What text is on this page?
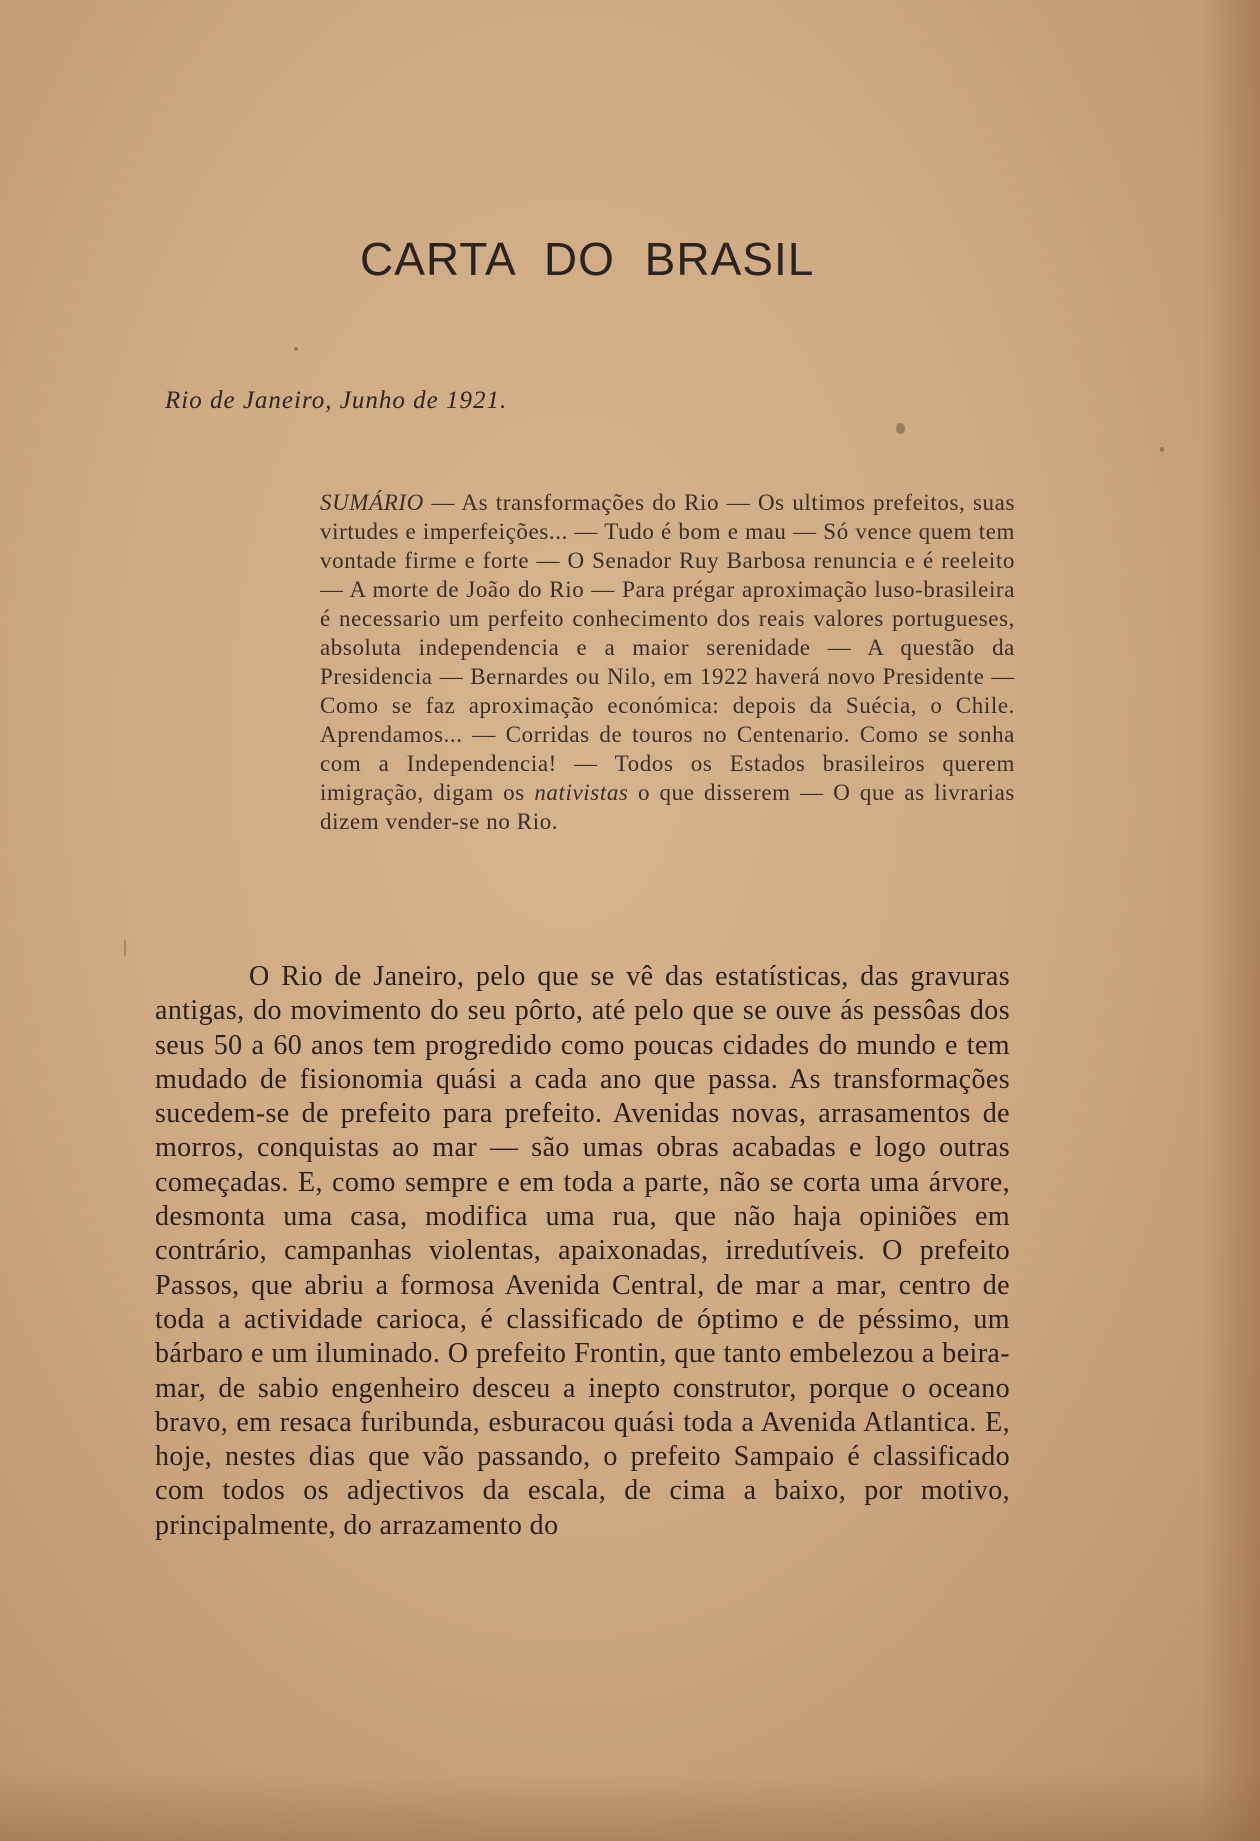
CARTA DO BRASIL
Rio de Janeiro, Junho de 1921.
SUMÁRIO — As transformações do Rio — Os ultimos prefeitos, suas virtudes e imperfeições... — Tudo é bom e mau — Só vence quem tem vontade firme e forte — O Senador Ruy Barbosa renuncia e é reeleito — A morte de João do Rio — Para prégar aproximação luso-brasileira é necessario um perfeito conhecimento dos reais valores portugueses, absoluta independencia e a maior serenidade — A questão da Presidencia — Bernardes ou Nilo, em 1922 haverá novo Presidente — Como se faz aproximação económica: depois da Suécia, o Chile. Aprendamos... — Corridas de touros no Centenario. Como se sonha com a Independencia! — Todos os Estados brasileiros querem imigração, digam os nativistas o que disserem — O que as livrarias dizem vender-se no Rio.
O Rio de Janeiro, pelo que se vê das estatísticas, das gravuras antigas, do movimento do seu pôrto, até pelo que se ouve ás pessôas dos seus 50 a 60 anos tem progredido como poucas cidades do mundo e tem mudado de fisionomia quási a cada ano que passa. As transformações sucedem-se de prefeito para prefeito. Avenidas novas, arrasamentos de morros, conquistas ao mar — são umas obras acabadas e logo outras começadas. E, como sempre e em toda a parte, não se corta uma árvore, desmonta uma casa, modifica uma rua, que não haja opiniões em contrário, campanhas violentas, apaixonadas, irredutíveis. O prefeito Passos, que abriu a formosa Avenida Central, de mar a mar, centro de toda a actividade carioca, é classificado de óptimo e de péssimo, um bárbaro e um iluminado. O prefeito Frontin, que tanto embelezou a beira-mar, de sabio engenheiro desceu a inepto construtor, porque o oceano bravo, em resaca furibunda, esburacou quási toda a Avenida Atlantica. E, hoje, nestes dias que vão passando, o prefeito Sampaio é classificado com todos os adjectivos da escala, de cima a baixo, por motivo, principalmente, do arrazamento do
